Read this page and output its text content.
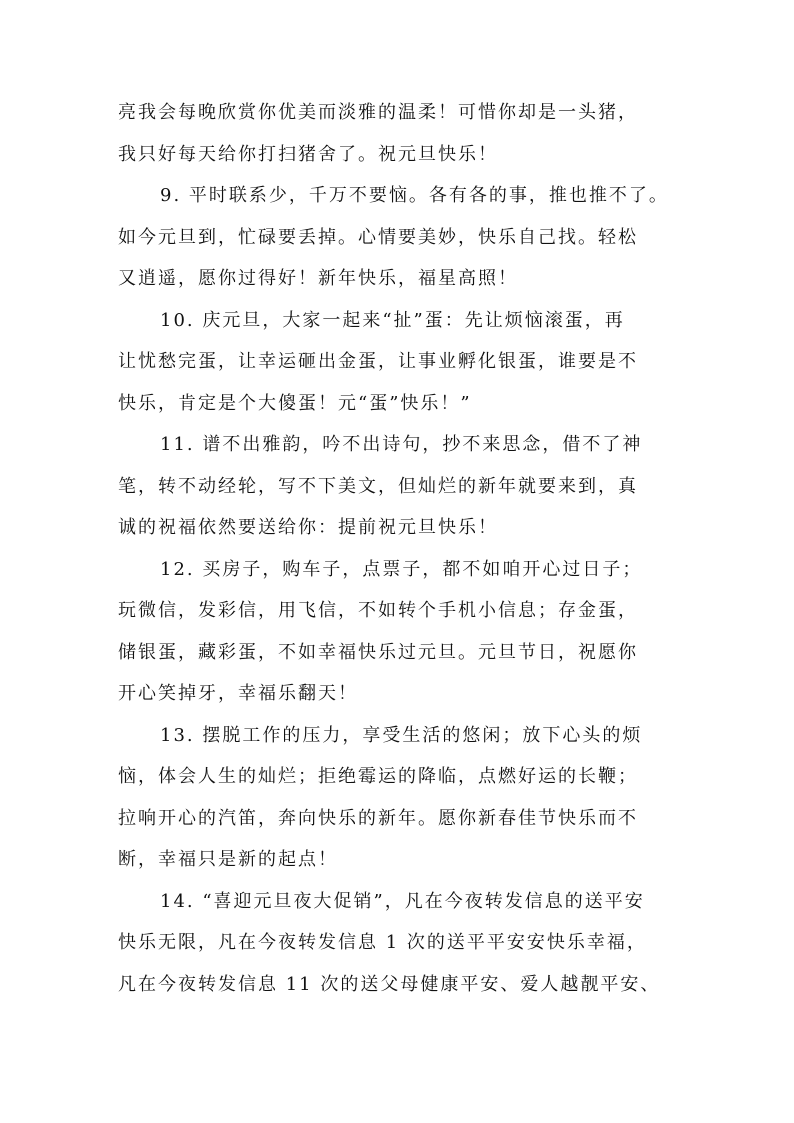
亮我会每晚欣赏你优美而淡雅的温柔！可惜你却是一头猪，
我只好每天给你打扫猪舍了。祝元旦快乐！
9. 平时联系少，千万不要恼。各有各的事，推也推不了。
如今元旦到，忙碌要丢掉。心情要美妙，快乐自己找。轻松
又逍遥，愿你过得好！新年快乐，福星高照！
10. 庆元旦，大家一起来“扯”蛋：先让烦恼滚蛋，再
让忧愁完蛋，让幸运砸出金蛋，让事业孵化银蛋，谁要是不
快乐，肯定是个大傻蛋！元“蛋”快乐！”
11. 谱不出雅韵，吟不出诗句，抄不来思念，借不了神
笔，转不动经轮，写不下美文，但灿烂的新年就要来到，真
诚的祝福依然要送给你：提前祝元旦快乐！
12. 买房子，购车子，点票子，都不如咱开心过日子；
玩微信，发彩信，用飞信，不如转个手机小信息；存金蛋，
储银蛋，藏彩蛋，不如幸福快乐过元旦。元旦节日，祝愿你
开心笑掉牙，幸福乐翻天！
13. 摆脱工作的压力，享受生活的悠闲；放下心头的烦
恼，体会人生的灿烂；拒绝霉运的降临，点燃好运的长鞭；
拉响开心的汽笛，奔向快乐的新年。愿你新春佳节快乐而不
断，幸福只是新的起点！
14. “喜迎元旦夜大促销”，凡在今夜转发信息的送平安
快乐无限，凡在今夜转发信息 1 次的送平平安安快乐幸福，
凡在今夜转发信息 11 次的送父母健康平安、爱人越靓平安、
